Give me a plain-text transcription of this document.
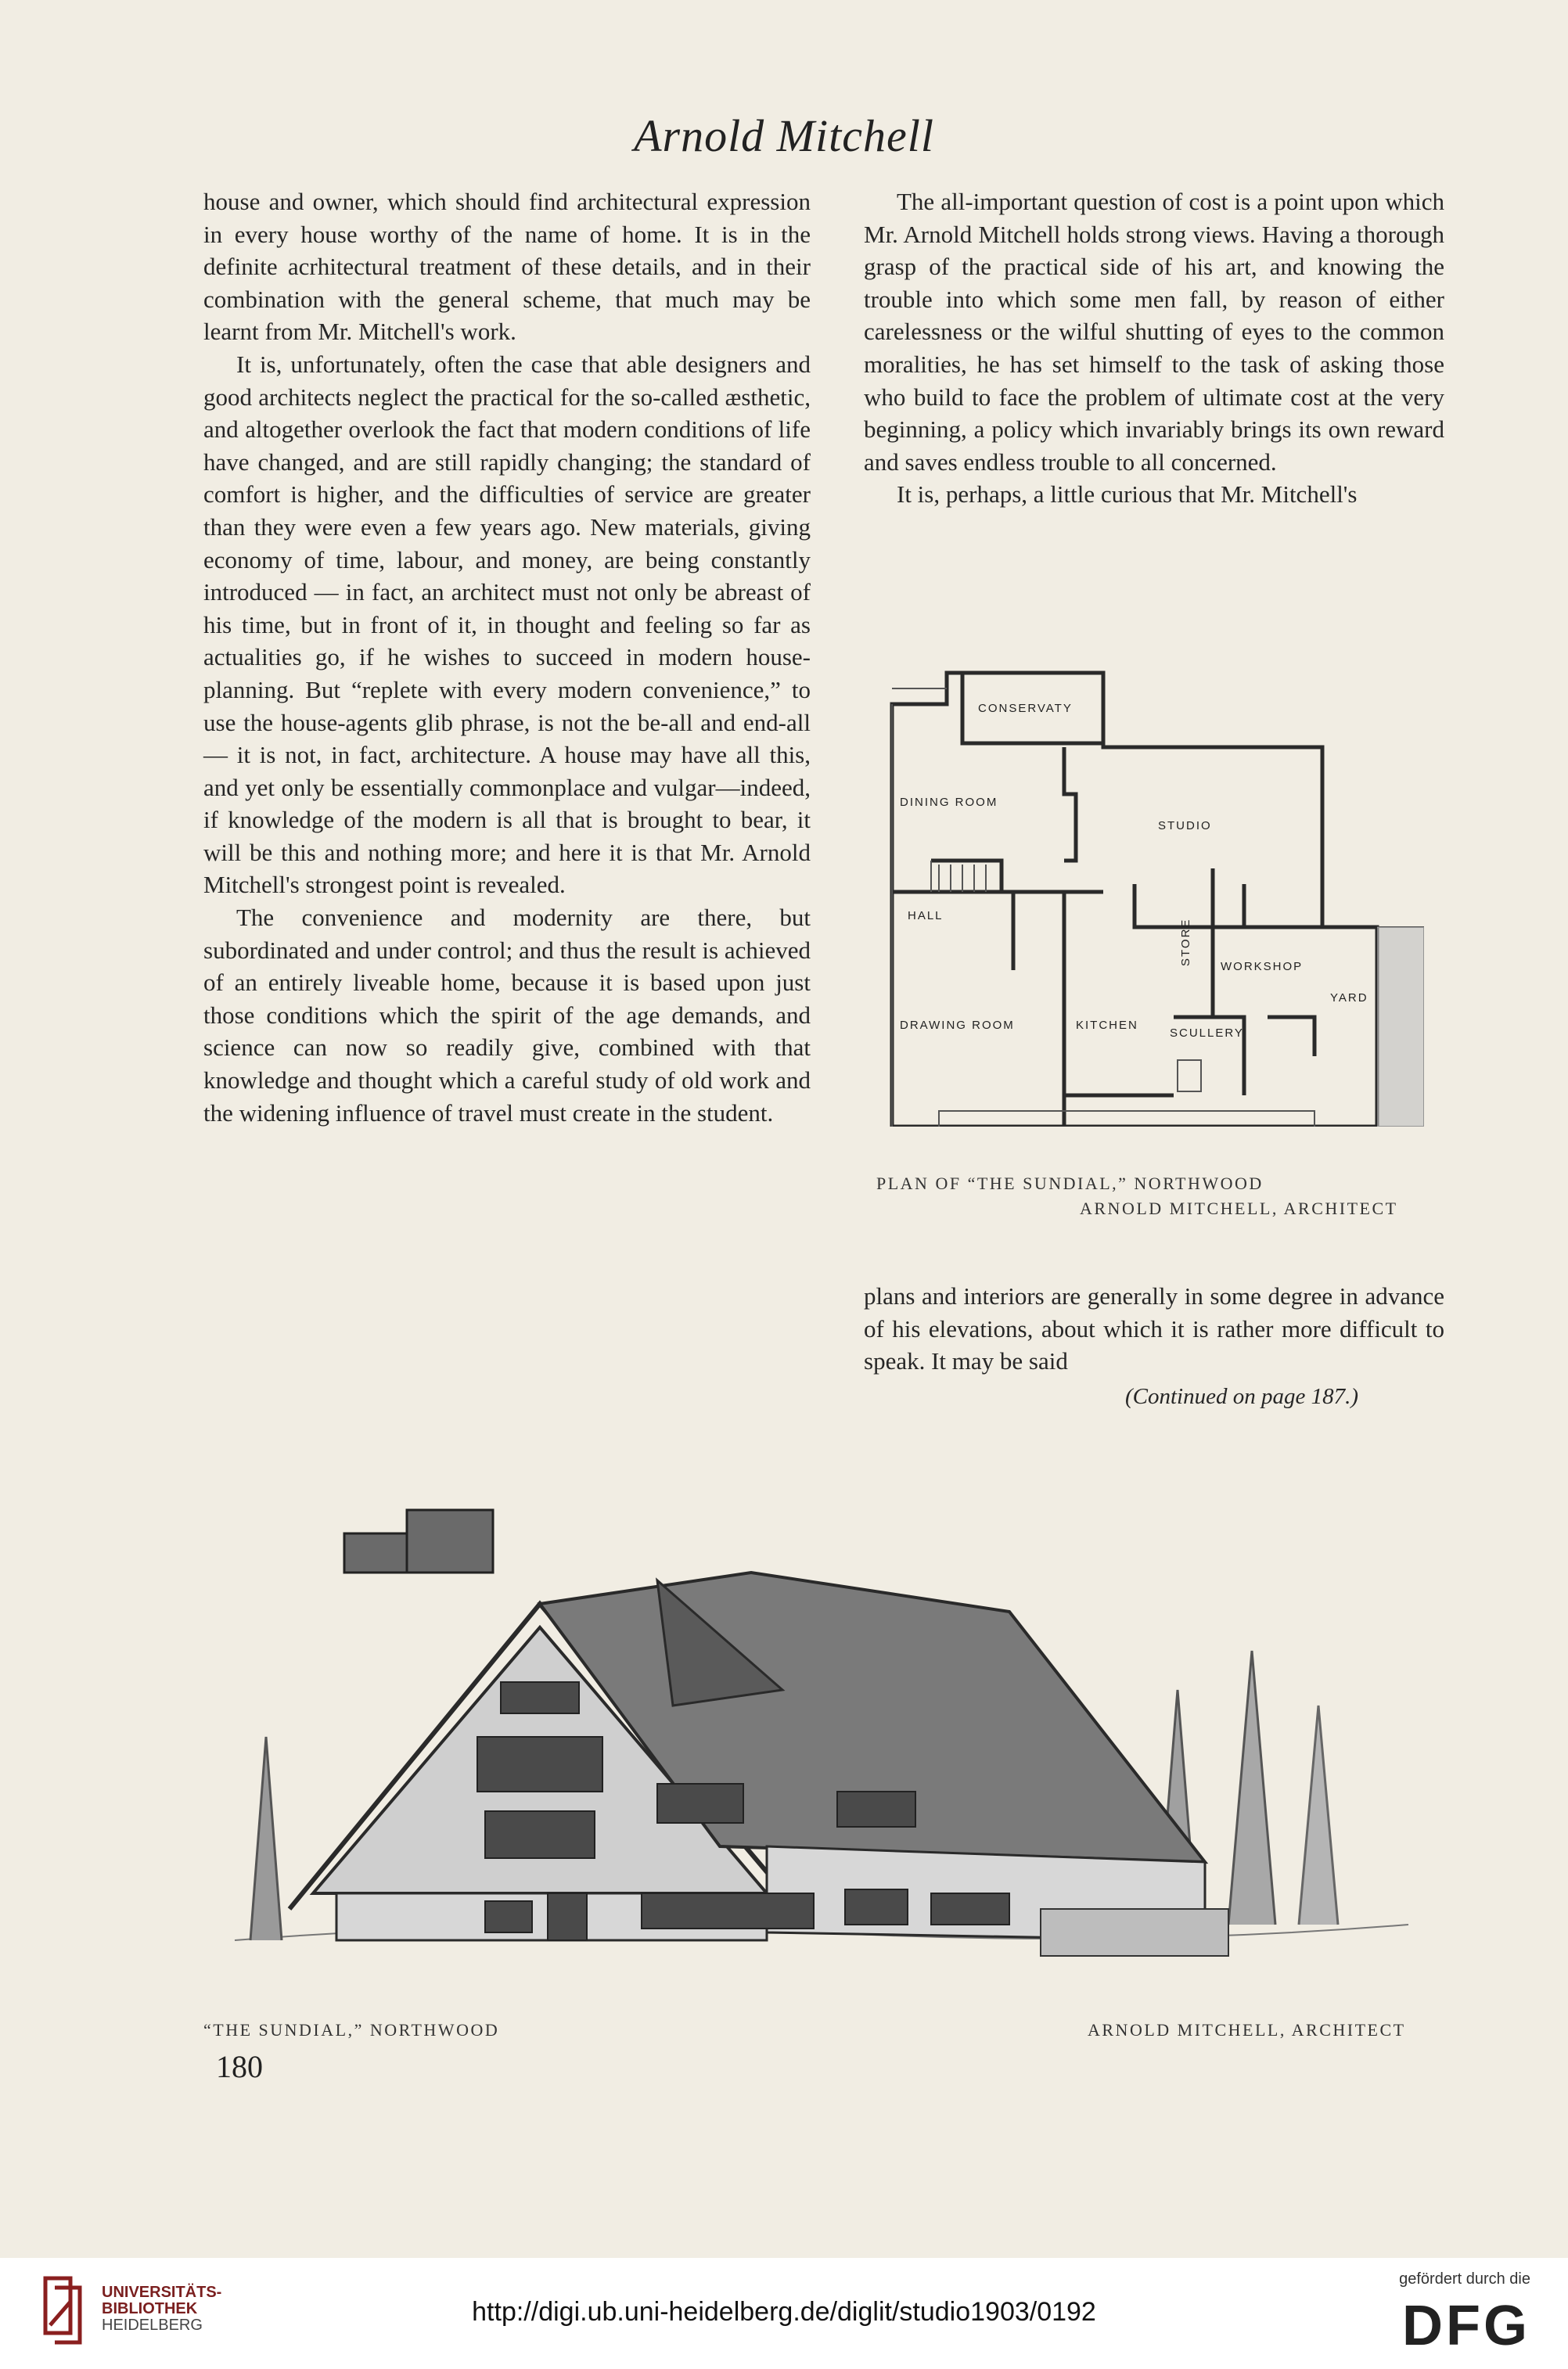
Arnold Mitchell

house and owner, which should find architectural expression in every house worthy of the name of home. It is in the definite acrhitectural treatment of these details, and in their combination with the general scheme, that much may be learnt from Mr. Mitchell's work.

It is, unfortunately, often the case that able designers and good architects neglect the practical for the so-called æsthetic, and altogether overlook the fact that modern conditions of life have changed, and are still rapidly changing; the standard of comfort is higher, and the difficulties of service are greater than they were even a few years ago. New materials, giving economy of time, labour, and money, are being constantly introduced — in fact, an architect must not only be abreast of his time, but in front of it, in thought and feeling so far as actualities go, if he wishes to succeed in modern house-planning. But “replete with every modern convenience,” to use the house-agents glib phrase, is not the be-all and end-all— it is not, in fact, architecture. A house may have all this, and yet only be essentially commonplace and vulgar—indeed, if knowledge of the modern is all that is brought to bear, it will be this and nothing more; and here it is that Mr. Arnold Mitchell's strongest point is revealed.

The convenience and modernity are there, but subordinated and under control; and thus the result is achieved of an entirely liveable home, because it is based upon just those conditions which the spirit of the age demands, and science can now so readily give, combined with that knowledge and thought which a careful study of old work and the widening influence of travel must create in the student.

The all-important question of cost is a point upon which Mr. Arnold Mitchell holds strong views. Having a thorough grasp of the practical side of his art, and knowing the trouble into which some men fall, by reason of either carelessness or the wilful shutting of eyes to the common moralities, he has set himself to the task of asking those who build to face the problem of ultimate cost at the very beginning, a policy which invariably brings its own reward and saves endless trouble to all concerned.

It is, perhaps, a little curious that Mr. Mitchell's

CONSERVATY
DINING ROOM
STUDIO
HALL
STORE
WORKSHOP
YARD
DRAWING ROOM	KITCHEN
SCULLERY
PLAN OF “THE SUNDIAL,” NORTHWOOD
ARNOLD MITCHELL, ARCHITECT

plans and interiors are generally in some degree in advance of his elevations, about which it is rather more difficult to speak. It may be said

(Continued on page 187.)
“THE SUNDIAL,” NORTHWOOD	ARNOLD MITCHELL, ARCHITECT
180
UNIVERSITÄTS-
BIBLIOTHEK
HEIDELBERG	http://digi.ub.uni-heidelberg.de/diglit/studio1903/0192
gefördert durch die
DFG
